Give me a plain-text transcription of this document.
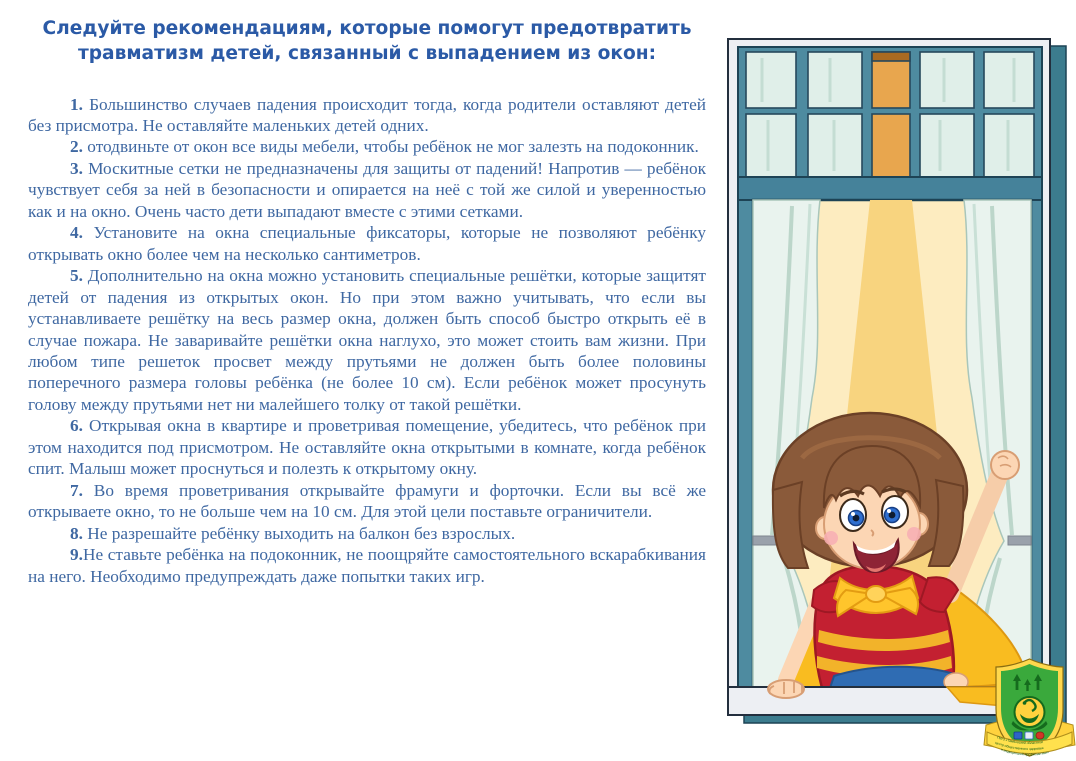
Следуйте рекомендациям, которые помогут предотвратить
травматизм детей, связанный с выпадением из окон:

1. Большинство случаев падения происходит тогда, когда родители оставляют детей без присмотра. Не оставляйте маленьких детей одних.

2. отодвиньте от окон все виды мебели, чтобы ребёнок не мог залезть на подоконник.

3. Москитные сетки не предназначены для защиты от падений! Напротив — ребёнок чувствует себя за ней в безопасности и опирается на неё с той же силой и уверенностью как и на окно. Очень часто дети выпадают вместе с этими сетками.

4. Установите на окна специальные фиксаторы, которые не позволяют ребёнку открывать окно более чем на несколько сантиметров.

5. Дополнительно на окна можно установить специальные решётки, которые защитят детей от падения из открытых окон. Но при этом важно учитывать, что если вы устанавливаете решётку на весь размер окна, должен быть способ быстро открыть её в случае пожара. Не заваривайте решётки окна наглухо, это может стоить вам жизни. При любом типе решеток просвет между прутьями не должен быть более половины поперечного размера головы ребёнка (не более 10 см). Если ребёнок может просунуть голову между прутьями нет ни малейшего толку от такой решётки.

6. Открывая окна в квартире и проветривая помещение, убедитесь, что ребёнок при этом находится под присмотром. Не оставляйте окна открытыми в комнате, когда ребёнок спит. Малыш может проснуться и полезть к открытому окну.

7. Во время проветривания открывайте фрамуги и форточки. Если вы всё же открываете окно, то не больше чем на 10 см. Для этой цели поставьте ограничители.

8. Не разрешайте ребёнку выходить на балкон без взрослых.

9.Не ставьте ребёнка на подоконник, не поощряйте самостоятельного вскарабкивания на него. Необходимо предупреждать даже попытки таких игр.

ГБУЗ «Тамбовский областной
центр общественного здоровья
и медицинской профилактики»
